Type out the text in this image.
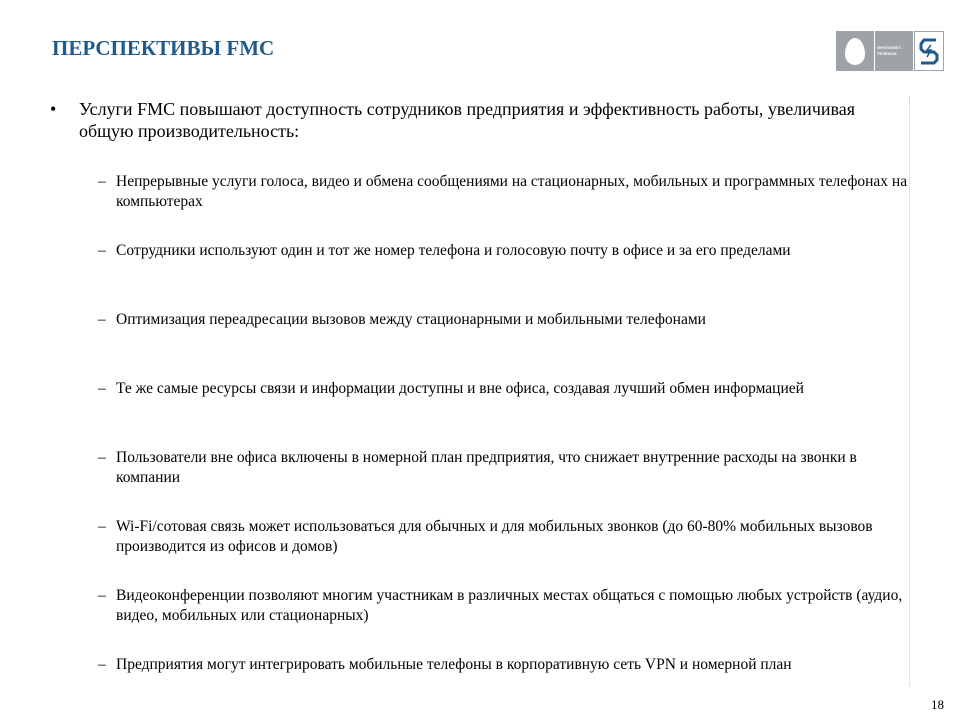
ПЕРСПЕКТИВЫ FMC	ИНТЕЛЛЕКТ
ТЕЛЕКОМ
• Услуги FMC повышают доступность сотрудников предприятия и эффективность работы, увеличивая общую производительность:
– Непрерывные услуги голоса, видео и обмена сообщениями на стационарных, мобильных и программных телефонах на компьютерах
– Сотрудники используют один и тот же номер телефона и голосовую почту в офисе и за его пределами
– Оптимизация переадресации вызовов между стационарными и мобильными телефонами
– Те же самые ресурсы связи и информации доступны и вне офиса, создавая лучший обмен информацией
– Пользователи вне офиса включены в номерной план предприятия, что снижает внутренние расходы на звонки в компании
– Wi-Fi/сотовая связь может использоваться для обычных и для мобильных звонков (до 60-80% мобильных вызовов производится из офисов и домов)
– Видеоконференции позволяют многим участникам в различных местах общаться с помощью любых устройств (аудио, видео, мобильных или стационарных)
– Предприятия могут интегрировать мобильные телефоны в корпоративную сеть VPN и номерной план
18
